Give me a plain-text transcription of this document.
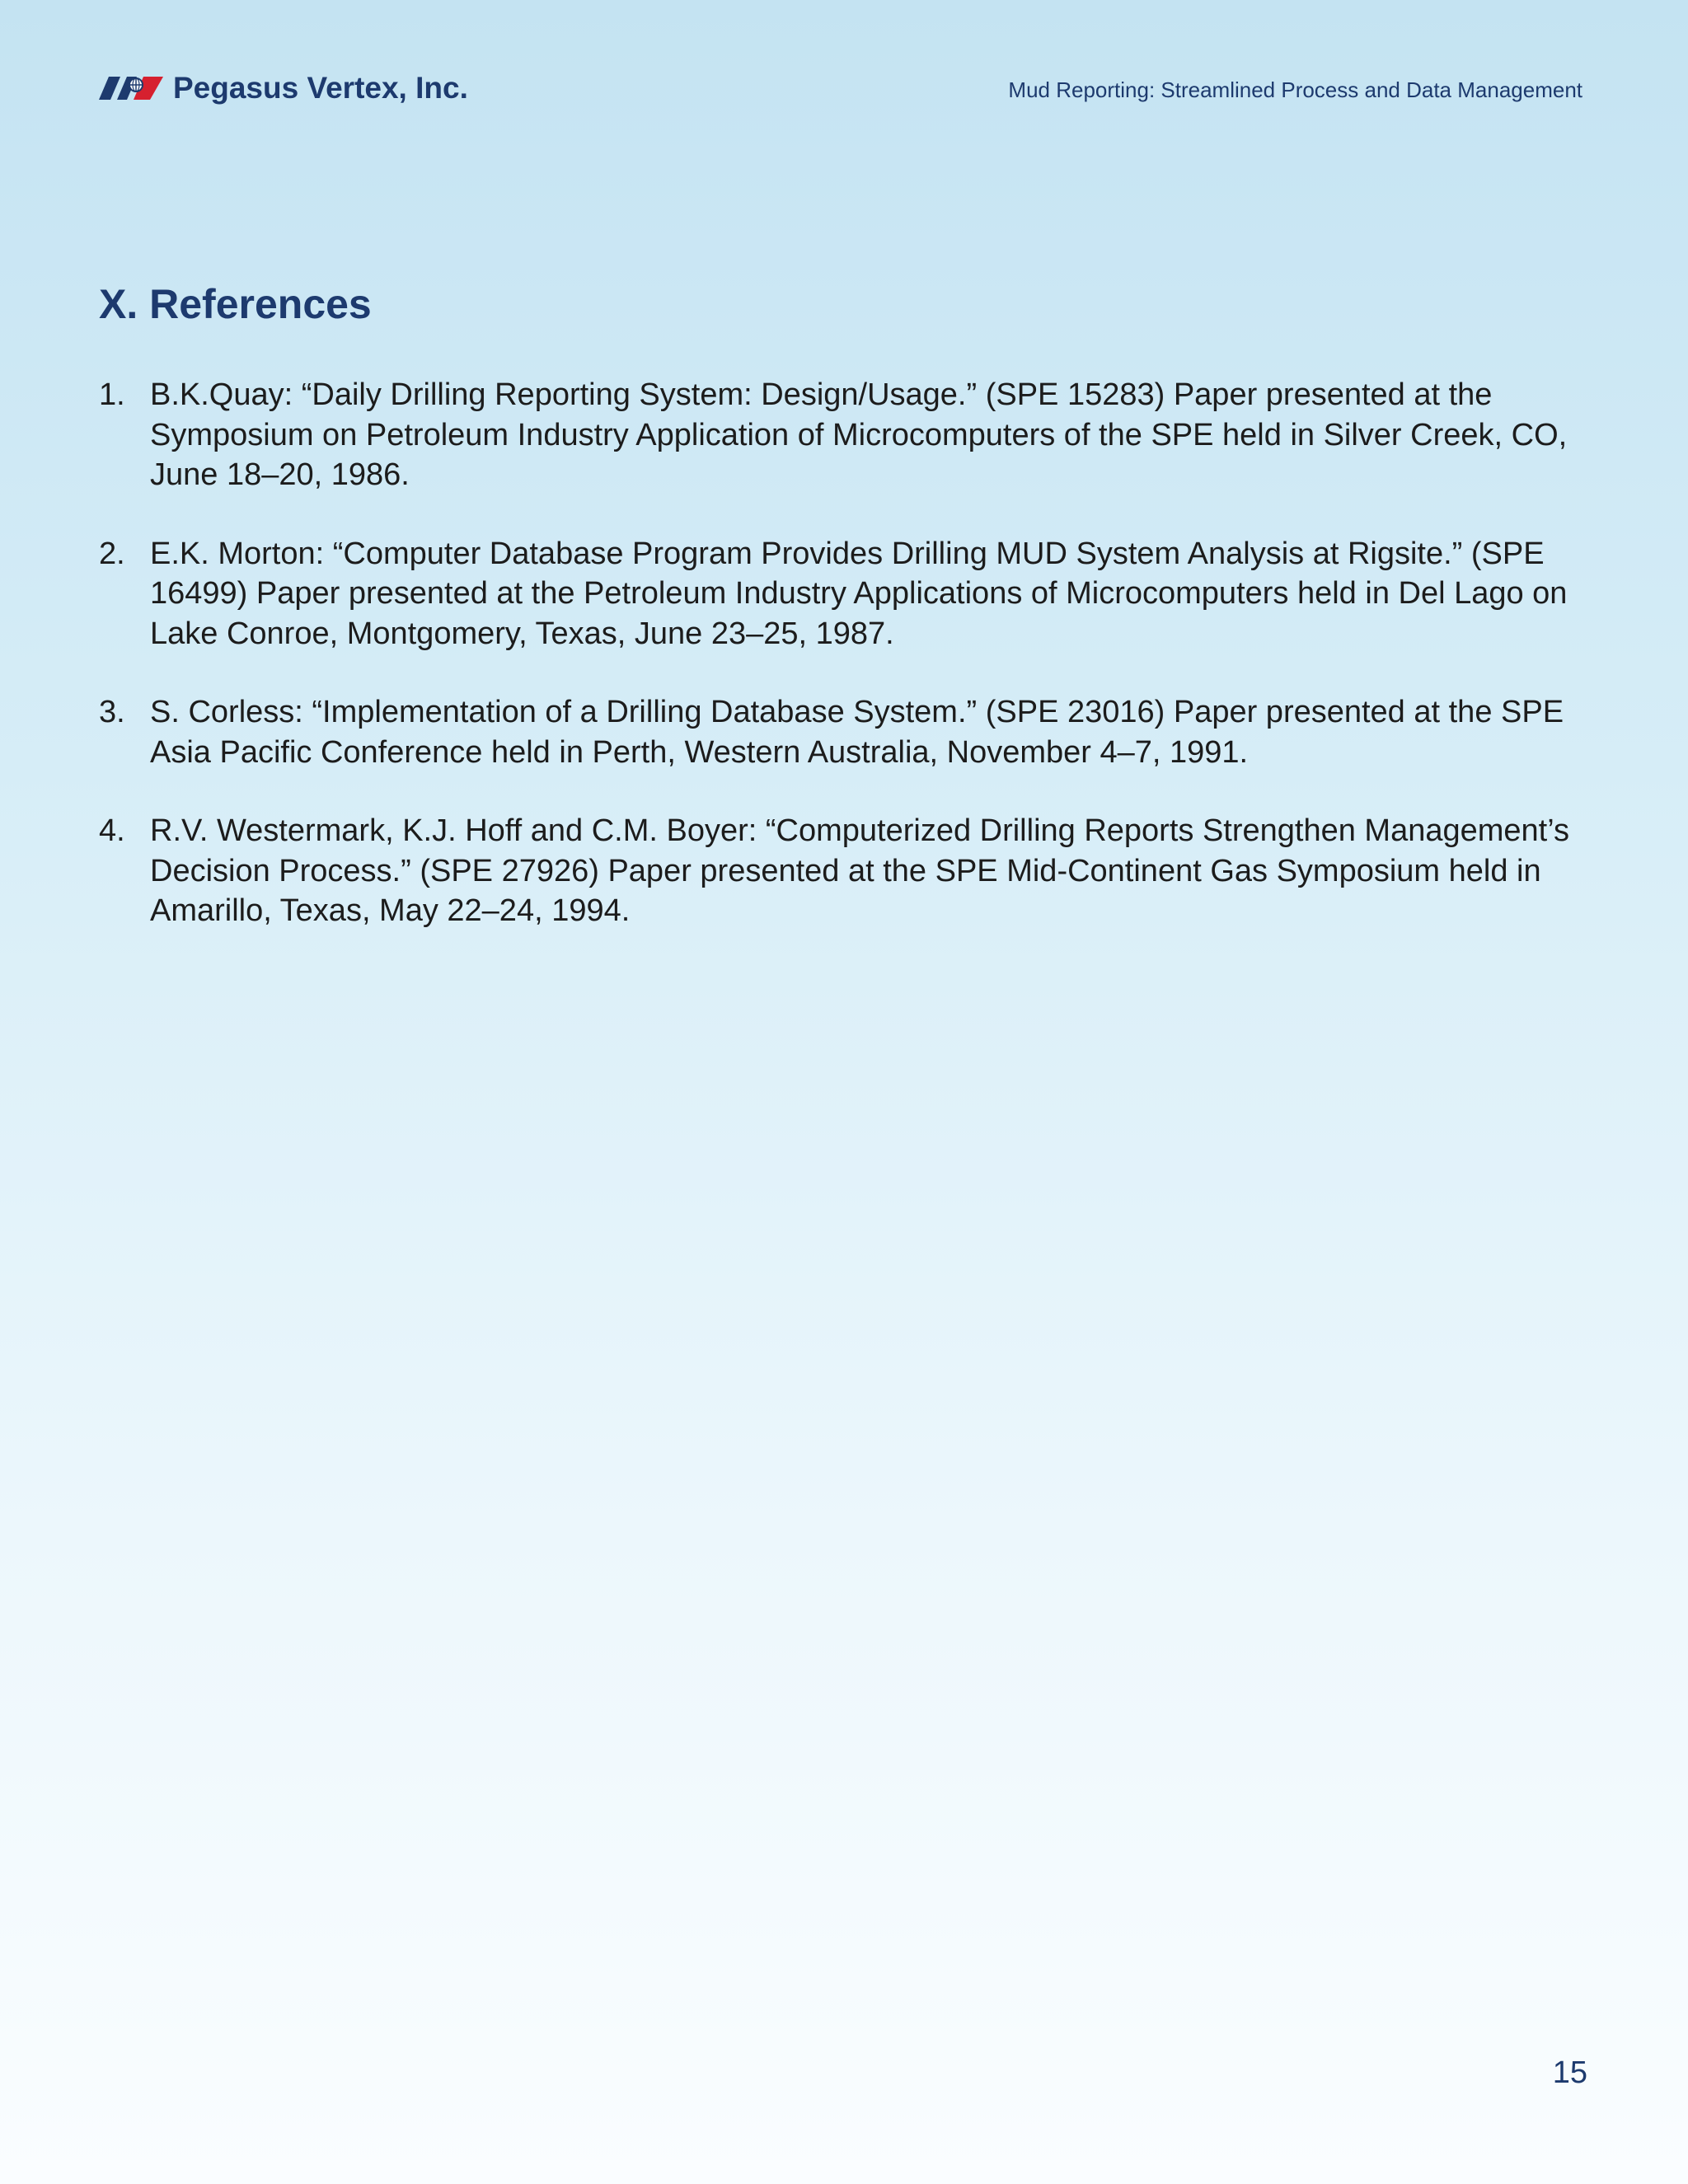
Pegasus Vertex, Inc.	Mud Reporting: Streamlined Process and Data Management
X. References
1. B.K.Quay: “Daily Drilling Reporting System: Design/Usage.” (SPE 15283) Paper presented at the Symposium on Petroleum Industry Application of Microcomputers of the SPE held in Silver Creek, CO, June 18–20, 1986.
2. E.K. Morton: “Computer Database Program Provides Drilling MUD System Analysis at Rigsite.” (SPE 16499) Paper presented at the Petroleum Industry Applications of Microcomputers held in Del Lago on Lake Conroe, Montgomery, Texas, June 23–25, 1987.
3. S. Corless: “Implementation of a Drilling Database System.” (SPE 23016) Paper presented at the SPE Asia Pacific Conference held in Perth, Western Australia, November 4–7, 1991.
4. R.V. Westermark, K.J. Hoff and C.M. Boyer: “Computerized Drilling Reports Strengthen Management’s Decision Process.” (SPE 27926) Paper presented at the SPE Mid-Continent Gas Symposium held in Amarillo, Texas, May 22–24, 1994.
15
